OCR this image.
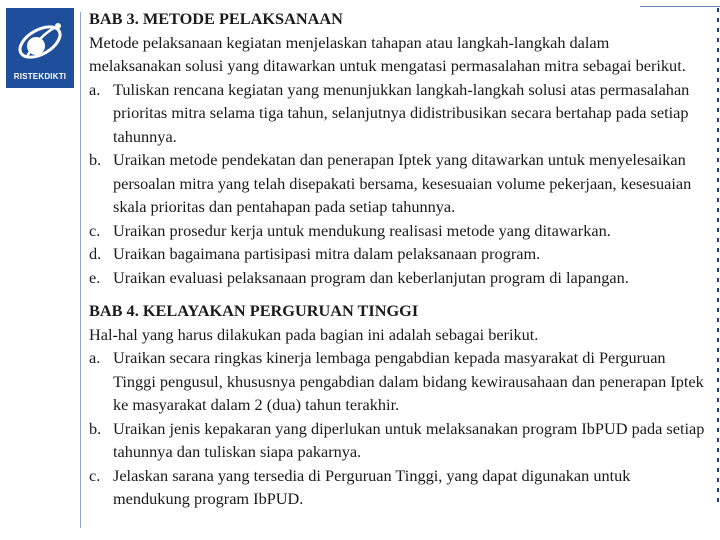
RISTEKDIKTI
BAB 3. METODE PELAKSANAAN
Metode pelaksanaan kegiatan menjelaskan tahapan atau langkah-langkah dalam
melaksanakan solusi yang ditawarkan untuk mengatasi permasalahan mitra sebagai berikut.
a. Tuliskan rencana kegiatan yang menunjukkan langkah-langkah solusi atas permasalahan
prioritas mitra selama tiga tahun, selanjutnya didistribusikan secara bertahap pada setiap
tahunnya.
b. Uraikan metode pendekatan dan penerapan Iptek yang ditawarkan untuk menyelesaikan
persoalan mitra yang telah disepakati bersama, kesesuaian volume pekerjaan, kesesuaian
skala prioritas dan pentahapan pada setiap tahunnya.
c. Uraikan prosedur kerja untuk mendukung realisasi metode yang ditawarkan.
d. Uraikan bagaimana partisipasi mitra dalam pelaksanaan program.
e. Uraikan evaluasi pelaksanaan program dan keberlanjutan program di lapangan.
BAB 4. KELAYAKAN PERGURUAN TINGGI
Hal-hal yang harus dilakukan pada bagian ini adalah sebagai berikut.
a. Uraikan secara ringkas kinerja lembaga pengabdian kepada masyarakat di Perguruan
Tinggi pengusul, khususnya pengabdian dalam bidang kewirausahaan dan penerapan Iptek
ke masyarakat dalam 2 (dua) tahun terakhir.
b. Uraikan jenis kepakaran yang diperlukan untuk melaksanakan program IbPUD pada setiap
tahunnya dan tuliskan siapa pakarnya.
c. Jelaskan sarana yang tersedia di Perguruan Tinggi, yang dapat digunakan untuk
mendukung program IbPUD.
